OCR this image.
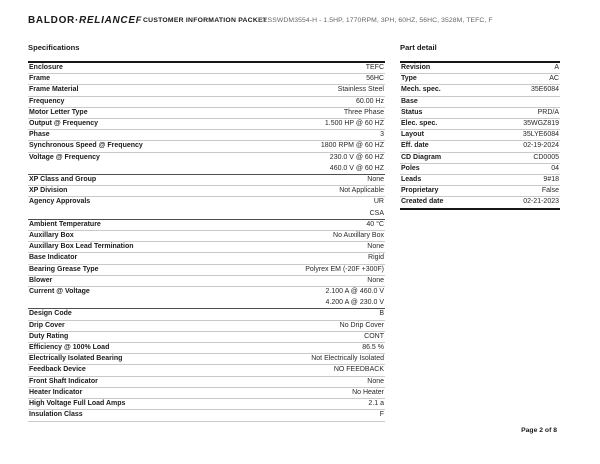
BALDOR·RELIANCEF CUSTOMER INFORMATION PACKET
CESSWDM3554-H - 1.5HP, 1770RPM, 3PH, 60HZ, 56HC, 3528M, TEFC, F
Specifications
Enclosure	TEFC
Frame	56HC
Frame Material	Stainless Steel
Frequency	60.00 Hz
Motor Letter Type	Three Phase
Output @ Frequency	1.500 HP @ 60 HZ
Phase	3
Synchronous Speed @ Frequency	1800 RPM @ 60 HZ
Voltage @ Frequency	230.0 V @ 60 HZ
460.0 V @ 60 HZ
XP Class and Group	None
XP Division	Not Applicable
Agency Approvals	UR
CSA
Ambient Temperature	40 °C
Auxillary Box	No Auxillary Box
Auxillary Box Lead Termination	None
Base Indicator	Rigid
Bearing Grease Type	Polyrex EM (-20F +300F)
Blower	None
Current @ Voltage	2.100 A @ 460.0 V
4.200 A @ 230.0 V
Design Code	B
Drip Cover	No Drip Cover
Duty Rating	CONT
Efficiency @ 100% Load	86.5 %
Electrically Isolated Bearing	Not Electrically Isolated
Feedback Device	NO FEEDBACK
Front Shaft Indicator	None
Heater Indicator	No Heater
High Voltage Full Load Amps	2.1 a
Insulation Class	F
Part detail
Revision	A
Type	AC
Mech. spec.	35E6084
Base
Status	PRD/A
Elec. spec.	35WGZ819
Layout	35LYE6084
Eff. date	02-19-2024
CD Diagram	CD0005
Poles	04
Leads	9#18
Proprietary	False
Created date	02-21-2023
Page 2 of 8
